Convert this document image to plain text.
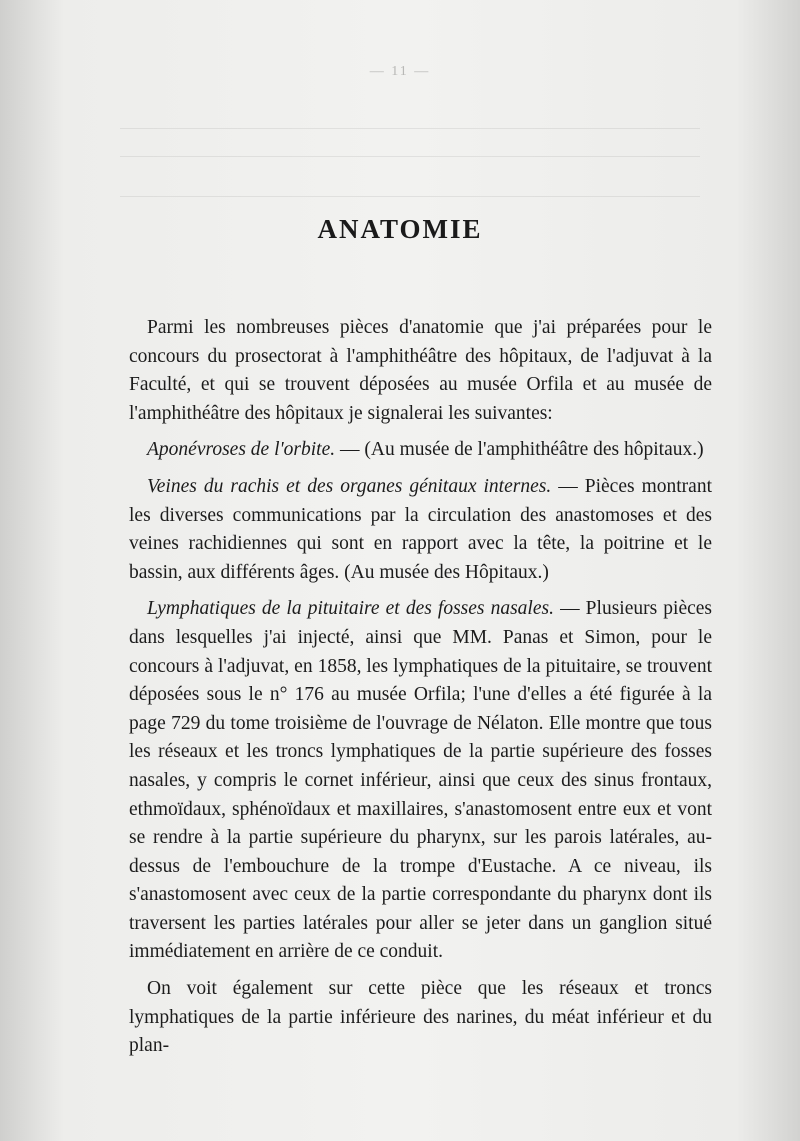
— 11 —
ANATOMIE

Parmi les nombreuses pièces d'anatomie que j'ai préparées pour le concours du prosectorat à l'amphithéâtre des hôpitaux, de l'adjuvat à la Faculté, et qui se trouvent déposées au musée Orfila et au musée de l'amphithéâtre des hôpitaux je signalerai les suivantes:

Aponévroses de l'orbite. — (Au musée de l'amphithéâtre des hôpitaux.)

Veines du rachis et des organes génitaux internes. — Pièces montrant les diverses communications par la circulation des anastomoses et des veines rachidiennes qui sont en rapport avec la tête, la poitrine et le bassin, aux différents âges. (Au musée des Hôpitaux.)

Lymphatiques de la pituitaire et des fosses nasales. — Plusieurs pièces dans lesquelles j'ai injecté, ainsi que MM. Panas et Simon, pour le concours à l'adjuvat, en 1858, les lymphatiques de la pituitaire, se trouvent déposées sous le n° 176 au musée Orfila; l'une d'elles a été figurée à la page 729 du tome troisième de l'ouvrage de Nélaton. Elle montre que tous les réseaux et les troncs lymphatiques de la partie supérieure des fosses nasales, y compris le cornet inférieur, ainsi que ceux des sinus frontaux, ethmoïdaux, sphénoïdaux et maxillaires, s'anastomosent entre eux et vont se rendre à la partie supérieure du pharynx, sur les parois latérales, au-dessus de l'embouchure de la trompe d'Eustache. A ce niveau, ils s'anastomosent avec ceux de la partie correspondante du pharynx dont ils traversent les parties latérales pour aller se jeter dans un ganglion situé immédiatement en arrière de ce conduit.

On voit également sur cette pièce que les réseaux et troncs lymphatiques de la partie inférieure des narines, du méat inférieur et du plan-
